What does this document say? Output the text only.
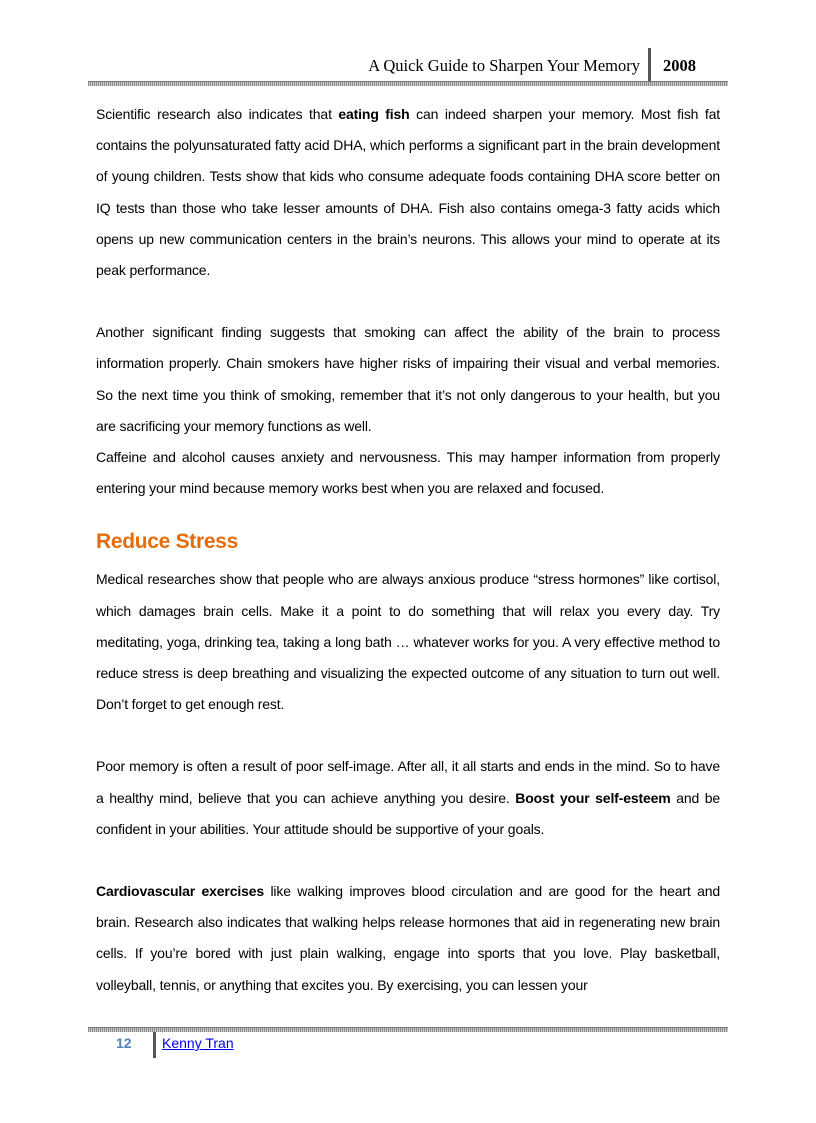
A Quick Guide to Sharpen Your Memory 2008

Scientific research also indicates that eating fish can indeed sharpen your memory. Most fish fat contains the polyunsaturated fatty acid DHA, which performs a significant part in the brain development of young children. Tests show that kids who consume adequate foods containing DHA score better on IQ tests than those who take lesser amounts of DHA. Fish also contains omega-3 fatty acids which opens up new communication centers in the brain’s neurons. This allows your mind to operate at its peak performance.

Another significant finding suggests that smoking can affect the ability of the brain to process information properly. Chain smokers have higher risks of impairing their visual and verbal memories. So the next time you think of smoking, remember that it’s not only dangerous to your health, but you are sacrificing your memory functions as well.

Caffeine and alcohol causes anxiety and nervousness. This may hamper information from properly entering your mind because memory works best when you are relaxed and focused.

Reduce Stress

Medical researches show that people who are always anxious produce “stress hormones” like cortisol, which damages brain cells. Make it a point to do something that will relax you every day. Try meditating, yoga, drinking tea, taking a long bath … whatever works for you. A very effective method to reduce stress is deep breathing and visualizing the expected outcome of any situation to turn out well. Don’t forget to get enough rest.

Poor memory is often a result of poor self-image. After all, it all starts and ends in the mind. So to have a healthy mind, believe that you can achieve anything you desire. Boost your self-esteem and be confident in your abilities. Your attitude should be supportive of your goals.

Cardiovascular exercises like walking improves blood circulation and are good for the heart and brain. Research also indicates that walking helps release hormones that aid in regenerating new brain cells. If you’re bored with just plain walking, engage into sports that you love. Play basketball, volleyball, tennis, or anything that excites you. By exercising, you can lessen your

12 Kenny Tran
